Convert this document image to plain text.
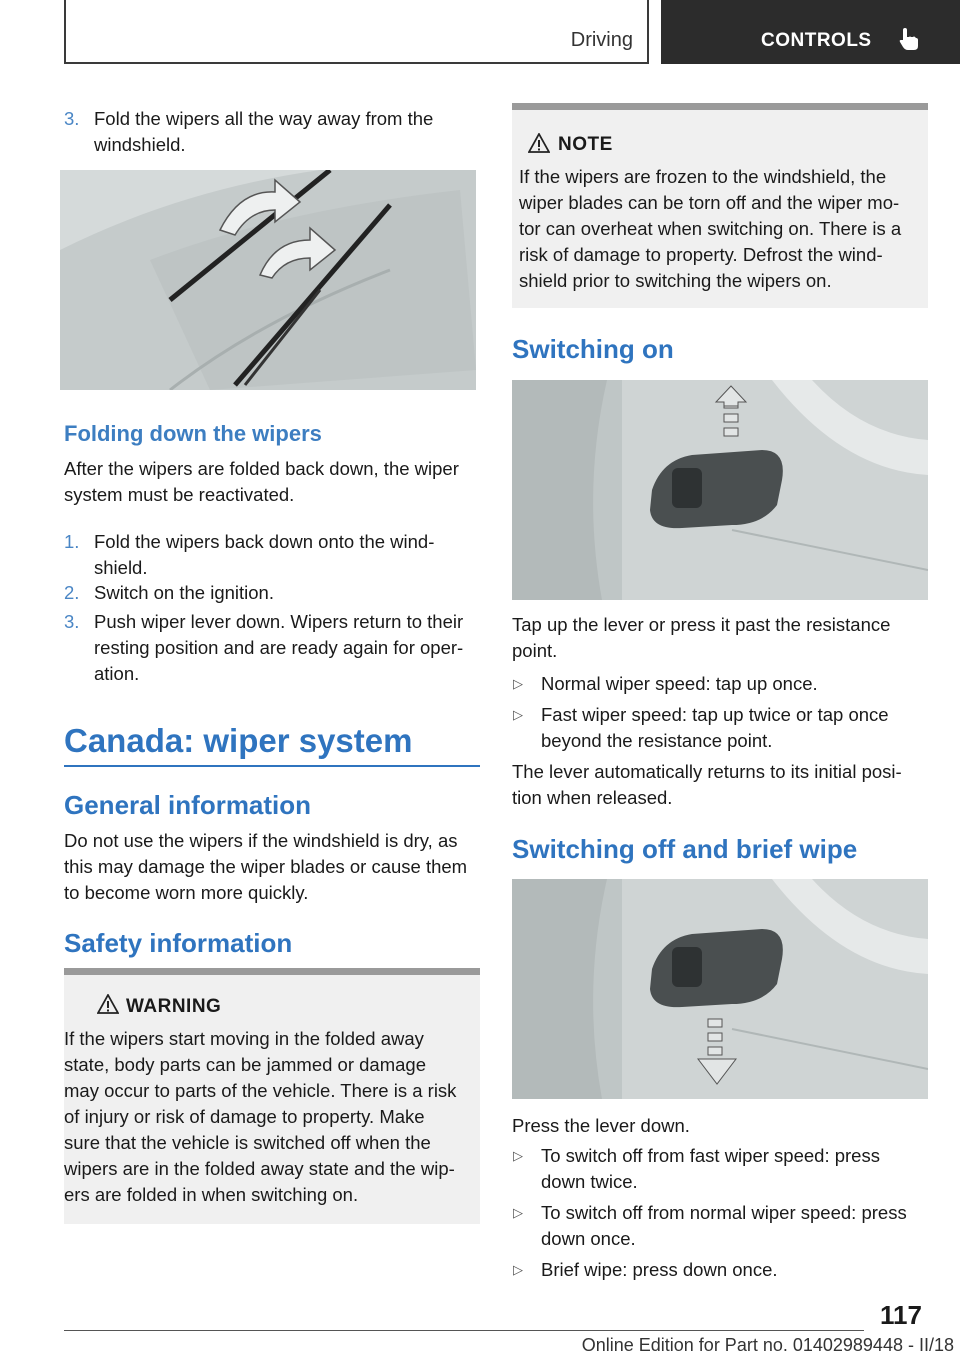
Driving	CONTROLS
3. Fold the wipers all the way away from the
windshield.
Folding down the wipers
After the wipers are folded back down, the wiper
system must be reactivated.
1. Fold the wipers back down onto the wind-
shield.
2. Switch on the ignition.
3. Push wiper lever down. Wipers return to their
resting position and are ready again for oper-
ation.
Canada: wiper system
General information
Do not use the wipers if the windshield is dry, as
this may damage the wiper blades or cause them
to become worn more quickly.
Safety information
WARNING
If the wipers start moving in the folded away
state, body parts can be jammed or damage
may occur to parts of the vehicle. There is a risk
of injury or risk of damage to property. Make
sure that the vehicle is switched off when the
wipers are in the folded away state and the wip-
ers are folded in when switching on.
NOTE
If the wipers are frozen to the windshield, the
wiper blades can be torn off and the wiper mo-
tor can overheat when switching on. There is a
risk of damage to property. Defrost the wind-
shield prior to switching the wipers on.
Switching on
Tap up the lever or press it past the resistance
point.
▷ Normal wiper speed: tap up once.
▷ Fast wiper speed: tap up twice or tap once
beyond the resistance point.
The lever automatically returns to its initial posi-
tion when released.
Switching off and brief wipe
Press the lever down.
▷ To switch off from fast wiper speed: press
down twice.
▷ To switch off from normal wiper speed: press
down once.
▷ Brief wipe: press down once.
117
Online Edition for Part no. 01402989448 - II/18
